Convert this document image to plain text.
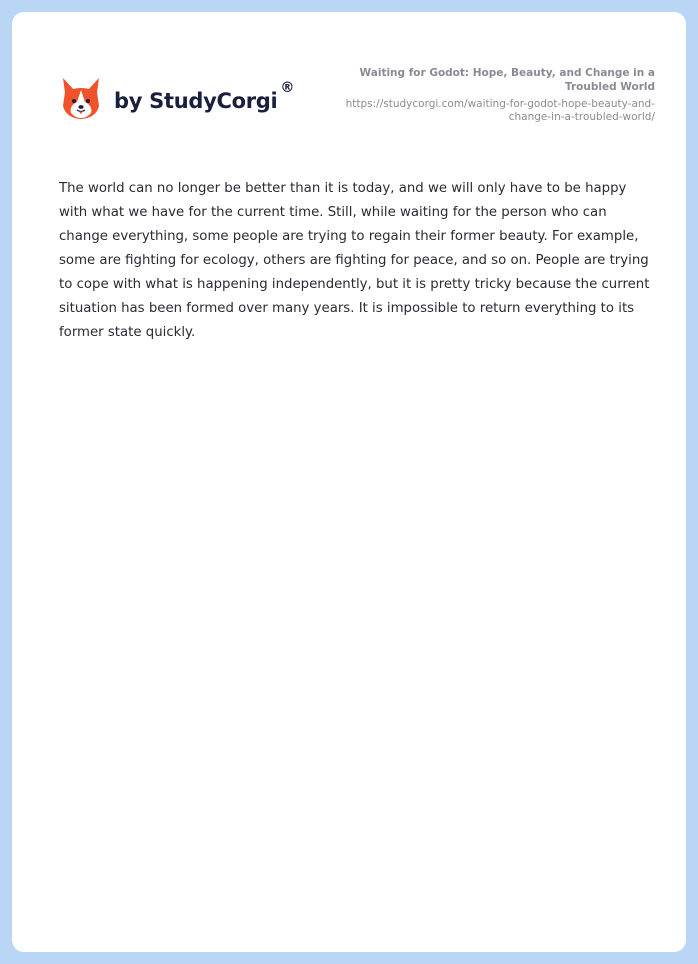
by StudyCorgi
®
Waiting for Godot: Hope, Beauty, and Change in a Troubled World
https://studycorgi.com/waiting-for-godot-hope-beauty-and-change-in-a-troubled-world/

The world can no longer be better than it is today, and we will only have to be happy with what we have for the current time. Still, while waiting for the person who can change everything, some people are trying to regain their former beauty. For example, some are fighting for ecology, others are fighting for peace, and so on. People are trying to cope with what is happening independently, but it is pretty tricky because the current situation has been formed over many years. It is impossible to return everything to its former state quickly.
